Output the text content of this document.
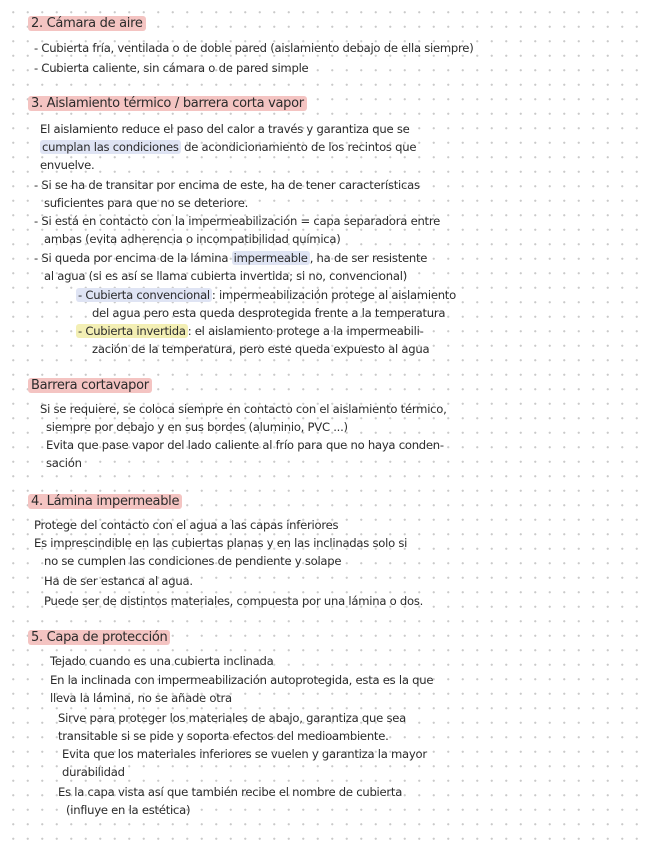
2. Cámara de aire
- Cubierta fría, ventilada o de doble pared (aislamiento debajo de ella siempre)
- Cubierta caliente, sin cámara o de pared simple
3. Aislamiento térmico / barrera corta vapor
El aislamiento reduce el paso del calor a través y garantiza que se
cumplan las condiciones de acondicionamiento de los recintos que
envuelve.
- Si se ha de transitar por encima de este, ha de tener características
suficientes para que no se deteriore.
- Si está en contacto con la impermeabilización = capa separadora entre
ambas (evita adherencia o incompatibilidad química)
- Si queda por encima de la lámina impermeable , ha de ser resistente
al agua (si es así se llama cubierta invertida; si no, convencional)
- Cubierta convencional : impermeabilización protege al aislamiento
del agua pero esta queda desprotegida frente a la temperatura
- Cubierta invertida : el aislamiento protege a la impermeabili-
zación de la temperatura, pero este queda expuesto al agua
Barrera cortavapor
Si se requiere, se coloca siempre en contacto con el aislamiento térmico,
siempre por debajo y en sus bordes (aluminio, PVC ...)
Evita que pase vapor del lado caliente al frío para que no haya conden-
sación
4. Lámina impermeable
Protege del contacto con el agua a las capas inferiores
Es imprescindible en las cubiertas planas y en las inclinadas solo si
no se cumplen las condiciones de pendiente y solape
Ha de ser estanca al agua.
Puede ser de distintos materiales, compuesta por una lámina o dos.
5. Capa de protección
Tejado cuando es una cubierta inclinada
En la inclinada con impermeabilización autoprotegida, esta es la que
lleva la lámina, no se añade otra
Sirve para proteger los materiales de abajo, garantiza que sea
transitable si se pide y soporta efectos del medioambiente.
Evita que los materiales inferiores se vuelen y garantiza la mayor
durabilidad
Es la capa vista así que también recibe el nombre de cubierta
(influye en la estética)
